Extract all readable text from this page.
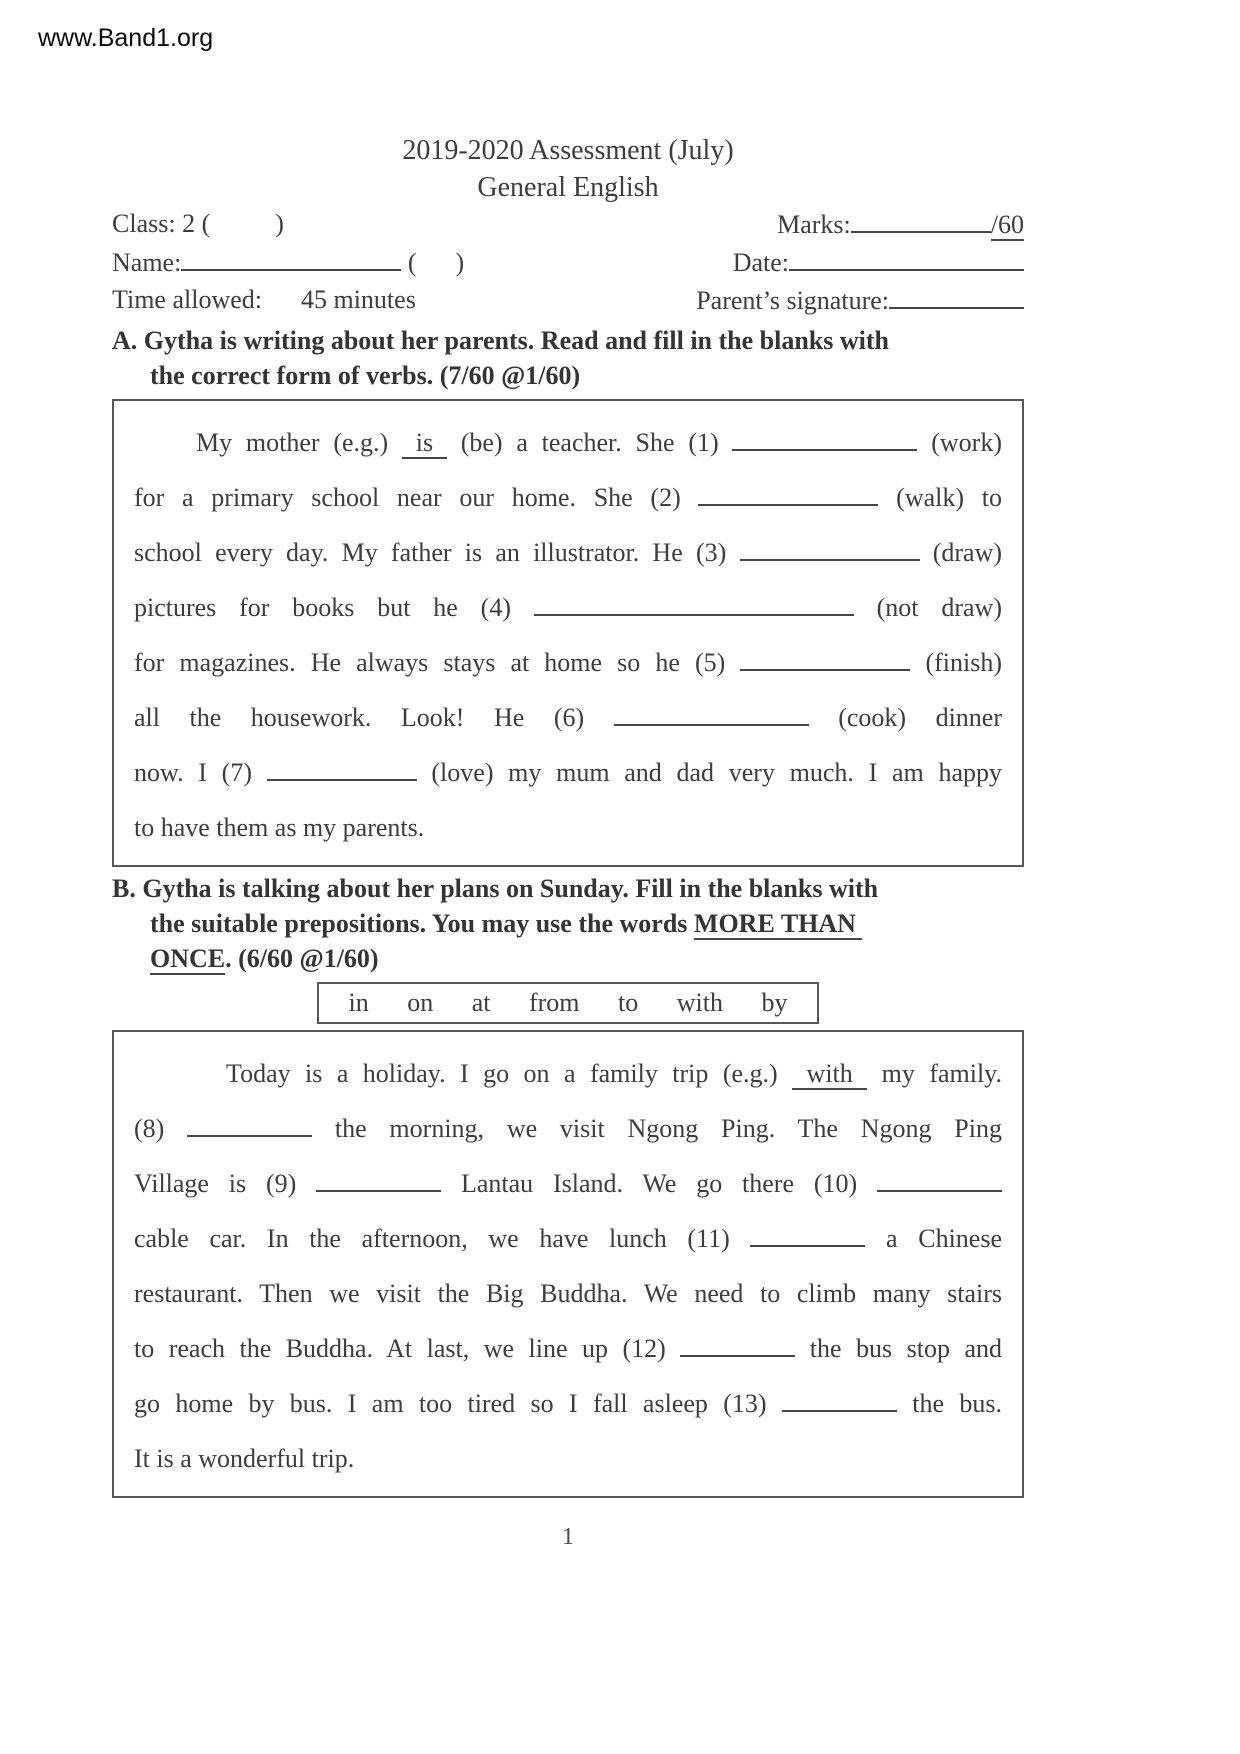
www.Band1.org
2019-2020 Assessment (July)
General English
Class: 2 (          )	Marks:	/60
Name:	(      )	Date:
Time allowed:      45 minutes	Parent’s signature:
A. Gytha is writing about her parents. Read and fill in the blanks with
the correct form of verbs. (7/60 @1/60)
My mother (e.g.)  is  (be) a teacher. She (1)	(work)
for a primary school near our home. She (2)	(walk) to
school every day. My father is an illustrator. He (3)	(draw)
pictures for books but he (4)	(not draw)
for magazines. He always stays at home so he (5)	(finish)
all the housework. Look! He (6)	(cook) dinner
now. I (7)	(love) my mum and dad very much. I am happy
to have them as my parents.
B. Gytha is talking about her plans on Sunday. Fill in the blanks with
the suitable prepositions. You may use the words MORE THAN
ONCE. (6/60 @1/60)
in on at from to with by
Today is a holiday. I go on a family trip (e.g.)  with  my family.
(8)	the morning, we visit Ngong Ping. The Ngong Ping
Village is (9)	Lantau Island. We go there (10)
cable car. In the afternoon, we have lunch (11)	a Chinese
restaurant. Then we visit the Big Buddha. We need to climb many stairs
to reach the Buddha. At last, we line up (12)	the bus stop and
go home by bus. I am too tired so I fall asleep (13)	the bus.
It is a wonderful trip.
1
